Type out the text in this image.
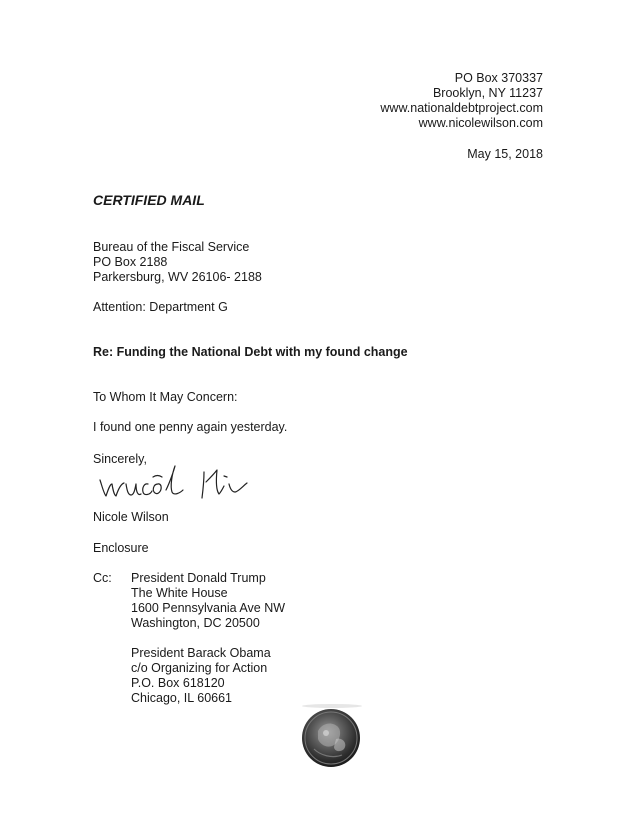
PO Box 370337
Brooklyn, NY 11237
www.nationaldebtproject.com
www.nicolewilson.com
May 15, 2018
CERTIFIED MAIL
Bureau of the Fiscal Service
PO Box 2188
Parkersburg, WV 26106- 2188
Attention: Department G
Re: Funding the National Debt with my found change
To Whom It May Concern:
I found one penny again yesterday.
Sincerely,
Nicole Wilson
Enclosure
Cc: President Donald Trump
The White House
1600 Pennsylvania Ave NW
Washington, DC 20500
President Barack Obama
c/o Organizing for Action
P.O. Box 618120
Chicago, IL 60661
